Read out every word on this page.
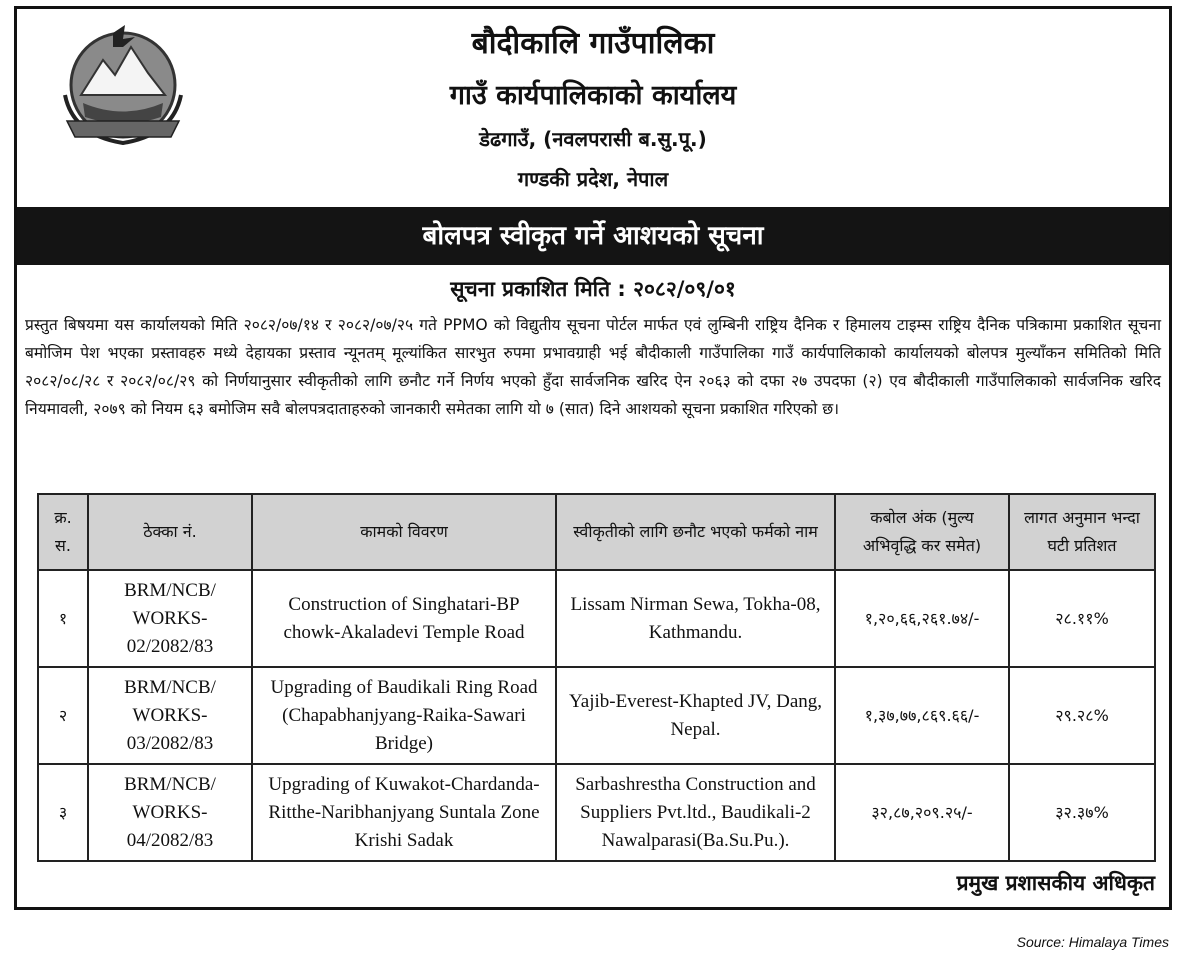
बौदीकालि गाउँपालिका
गाउँ कार्यपालिकाको कार्यालय
डेढगाउँ, (नवलपरासी ब.सु.पू.)
गण्डकी प्रदेश, नेपाल
बोलपत्र स्वीकृत गर्ने आशयको सूचना
सूचना प्रकाशित मिति : २०८२/०९/०१

प्रस्तुत बिषयमा यस कार्यालयको मिति २०८२/०७/१४ र २०८२/०७/२५ गते PPMO को विद्युतीय सूचना पोर्टल मार्फत एवं लुम्बिनी राष्ट्रिय दैनिक र हिमालय टाइम्स राष्ट्रिय दैनिक पत्रिकामा प्रकाशित सूचना बमोजिम पेश भएका प्रस्तावहरु मध्ये देहायका प्रस्ताव न्यूनतम् मूल्यांकित सारभुत रुपमा प्रभावग्राही भई बौदीकाली गाउँपालिका गाउँ कार्यपालिकाको कार्यालयको बोलपत्र मुल्याँकन समितिको मिति २०८२/०८/२८ र २०८२/०८/२९ को निर्णयानुसार स्वीकृतीको लागि छनौट गर्ने निर्णय भएको हुँदा सार्वजनिक खरिद ऐन २०६३ को दफा २७ उपदफा (२) एव बौदीकाली गाउँपालिकाको सार्वजनिक खरिद नियमावली, २०७९ को नियम ६३ बमोजिम सवै बोलपत्रदाताहरुको जानकारी समेतका लागि यो ७ (सात) दिने आशयको सूचना प्रकाशित गरिएको छ।

क्र. स.	ठेक्का नं.	कामको विवरण	स्वीकृतीको लागि छनौट भएको फर्मको नाम	कबोल अंक (मुल्य अभिवृद्धि कर समेत)	लागत अनुमान भन्दा घटी प्रतिशत
१	BRM/NCB/ WORKS- 02/2082/83	Construction of Singhatari-BP chowk-Akaladevi Temple Road	Lissam Nirman Sewa, Tokha-08, Kathmandu.	१,२०,६६,२६१.७४/-	२८.११%
२	BRM/NCB/ WORKS- 03/2082/83	Upgrading of Baudikali Ring Road (Chapabhanjyang-Raika-Sawari Bridge)	Yajib-Everest-Khapted JV, Dang, Nepal.	१,३७,७७,८६९.६६/-	२९.२८%
३	BRM/NCB/ WORKS- 04/2082/83	Upgrading of Kuwakot-Chardanda-Ritthe-Naribhanjyang Suntala Zone Krishi Sadak	Sarbashrestha Construction and Suppliers Pvt.ltd., Baudikali-2 Nawalparasi(Ba.Su.Pu.).	३२,८७,२०९.२५/-	३२.३७%
प्रमुख प्रशासकीय अधिकृत
Source: Himalaya Times
